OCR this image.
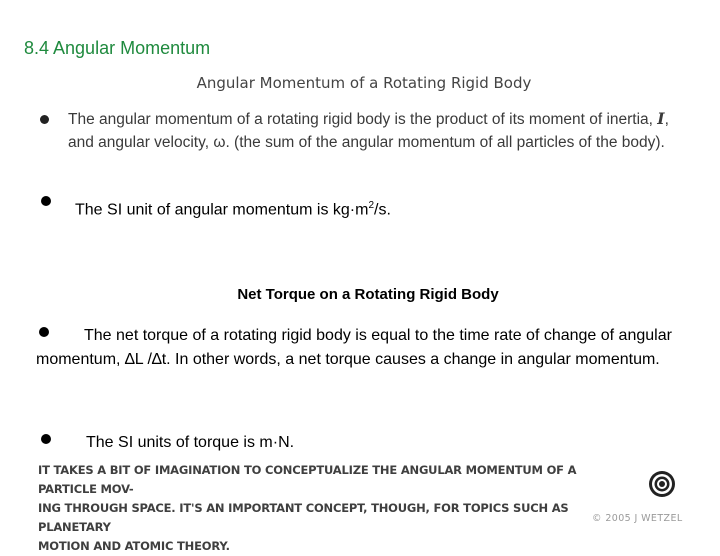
8.4 Angular Momentum
Angular Momentum of a Rotating Rigid Body
The angular momentum of a rotating rigid body is the product of its moment of inertia, I, and angular velocity, ω. (the sum of the angular momentum of all particles of the body).
The SI unit of angular momentum is $kg\cdot m^2/s$.
Net Torque on a Rotating Rigid Body
The net torque of a rotating rigid body is equal to the time rate of change of angular momentum, ∆L /∆t. In other words, a net torque causes a change in angular momentum.
The SI units of torque is m·N.
IT TAKES A BIT OF IMAGINATION TO CONCEPTUALIZE THE ANGULAR MOMENTUM OF A PARTICLE MOV-
ING THROUGH SPACE. IT'S AN IMPORTANT CONCEPT, THOUGH, FOR TOPICS SUCH AS PLANETARY
MOTION AND ATOMIC THEORY.
© 2005 J WETZEL
